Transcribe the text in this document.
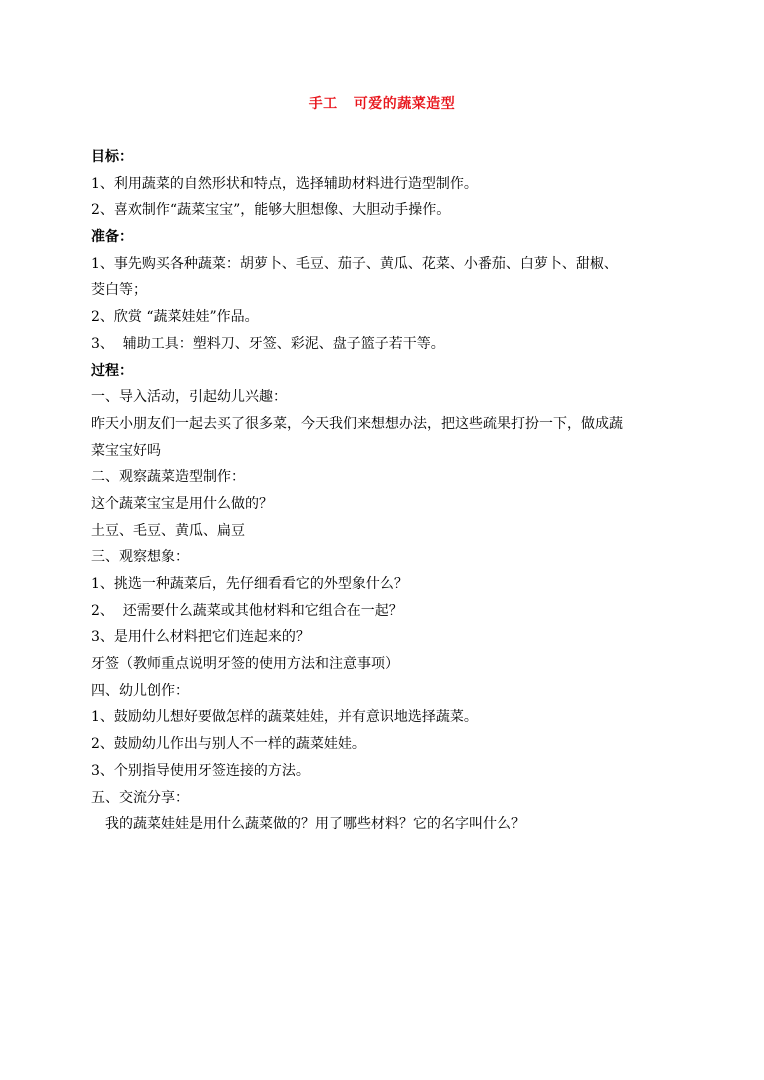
手工   可爱的蔬菜造型
目标：
1、利用蔬菜的自然形状和特点，选择辅助材料进行造型制作。
2、喜欢制作“蔬菜宝宝”，能够大胆想像、大胆动手操作。
准备：
1、事先购买各种蔬菜：胡萝卜、毛豆、茄子、黄瓜、花菜、小番茄、白萝卜、甜椒、
茭白等；
2、欣赏 “蔬菜娃娃”作品。
3、  辅助工具：塑料刀、牙签、彩泥、盘子篮子若干等。
过程：
一、导入活动，引起幼儿兴趣：
昨天小朋友们一起去买了很多菜，今天我们来想想办法，把这些疏果打扮一下，做成蔬
菜宝宝好吗
二、观察蔬菜造型制作：
这个蔬菜宝宝是用什么做的？
土豆、毛豆、黄瓜、扁豆
三、观察想象：
1、挑选一种蔬菜后，先仔细看看它的外型象什么？
2、  还需要什么蔬菜或其他材料和它组合在一起？
3、是用什么材料把它们连起来的？
牙签（教师重点说明牙签的使用方法和注意事项）
四、幼儿创作：
1、鼓励幼儿想好要做怎样的蔬菜娃娃，并有意识地选择蔬菜。
2、鼓励幼儿作出与别人不一样的蔬菜娃娃。
3、个别指导使用牙签连接的方法。
五、交流分享：
我的蔬菜娃娃是用什么蔬菜做的？用了哪些材料？它的名字叫什么？
